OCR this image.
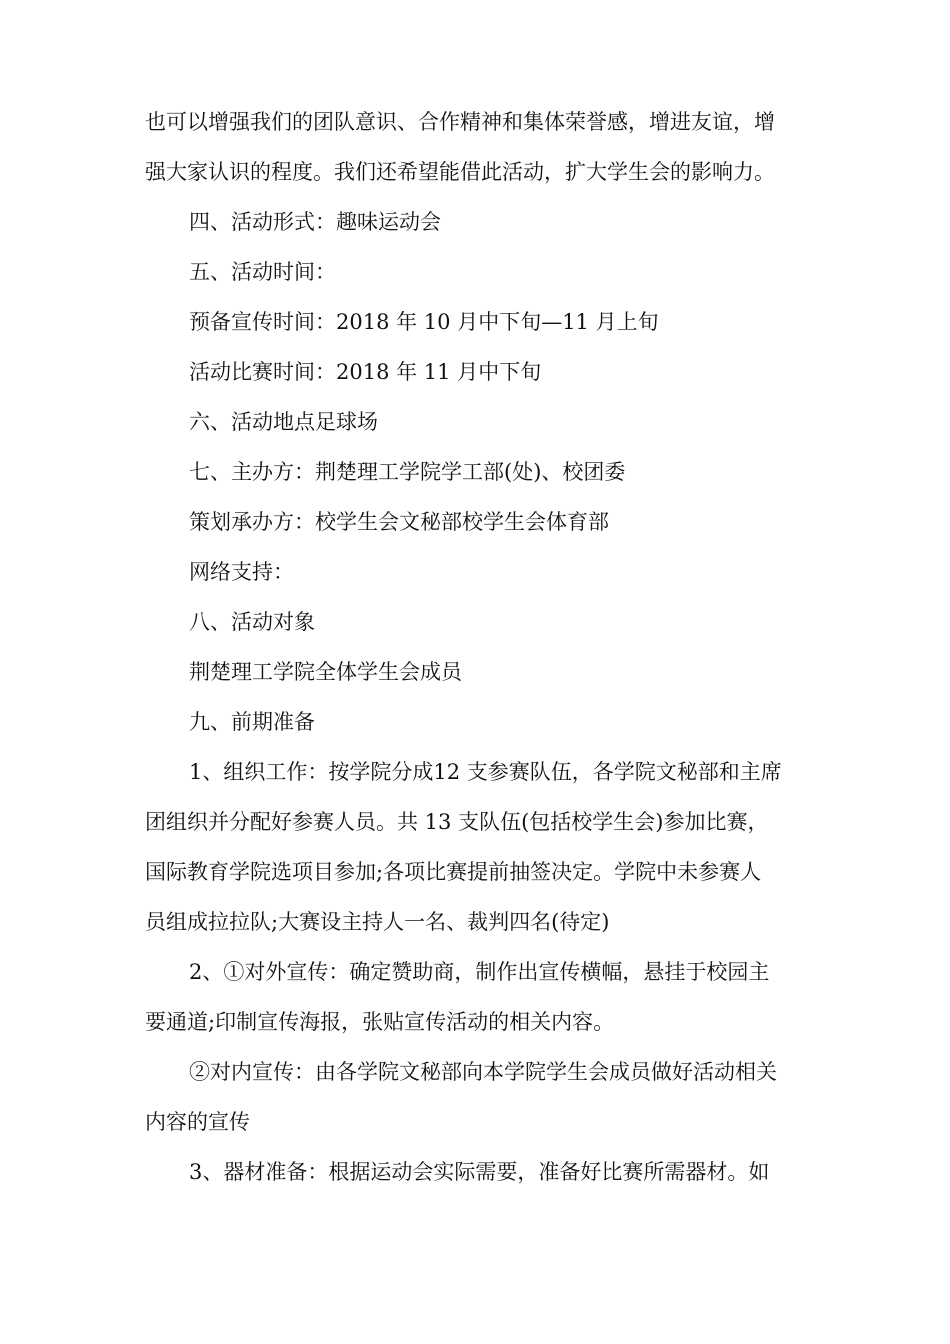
也可以增强我们的团队意识、合作精神和集体荣誉感，增进友谊，增

强大家认识的程度。我们还希望能借此活动，扩大学生会的影响力。

四、活动形式：趣味运动会

五、活动时间：

预备宣传时间：2018 年 10 月中下旬—11 月上旬

活动比赛时间：2018 年 11 月中下旬

六、活动地点足球场

七、主办方：荆楚理工学院学工部(处)、校团委

策划承办方：校学生会文秘部校学生会体育部

网络支持：

八、活动对象

荆楚理工学院全体学生会成员

九、前期准备

1、组织工作：按学院分成12 支参赛队伍，各学院文秘部和主席

团组织并分配好参赛人员。共 13 支队伍(包括校学生会)参加比赛，

国际教育学院选项目参加;各项比赛提前抽签决定。学院中未参赛人

员组成拉拉队;大赛设主持人一名、裁判四名(待定)

2、①对外宣传：确定赞助商，制作出宣传横幅，悬挂于校园主

要通道;印制宣传海报，张贴宣传活动的相关内容。

②对内宣传：由各学院文秘部向本学院学生会成员做好活动相关

内容的宣传

3、器材准备：根据运动会实际需要，准备好比赛所需器材。如
